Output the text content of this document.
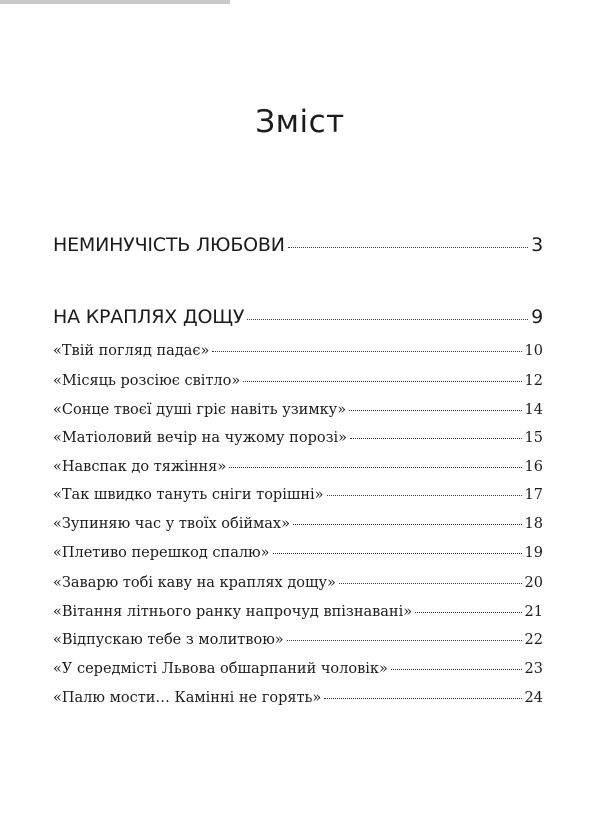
Зміст
НЕМИНУЧІСТЬ ЛЮБОВИ	3
НА КРАПЛЯХ ДОЩУ	9
«Твій погляд падає»	10
«Місяць розсіює світло»	12
«Сонце твоєї душі гріє навіть узимку»	14
«Матіоловий вечір на чужому порозі»	15
«Навспак до тяжіння»	16
«Так швидко тануть сніги торішні»	17
«Зупиняю час у твоїх обіймах»	18
«Плетиво перешкод спалю»	19
«Заварю тобі каву на краплях дощу»	20
«Вітання літнього ранку напрочуд впізнавані»	21
«Відпускаю тебе з молитвою»	22
«У середмісті Львова обшарпаний чоловік»	23
«Палю мости… Камінні не горять»	24
